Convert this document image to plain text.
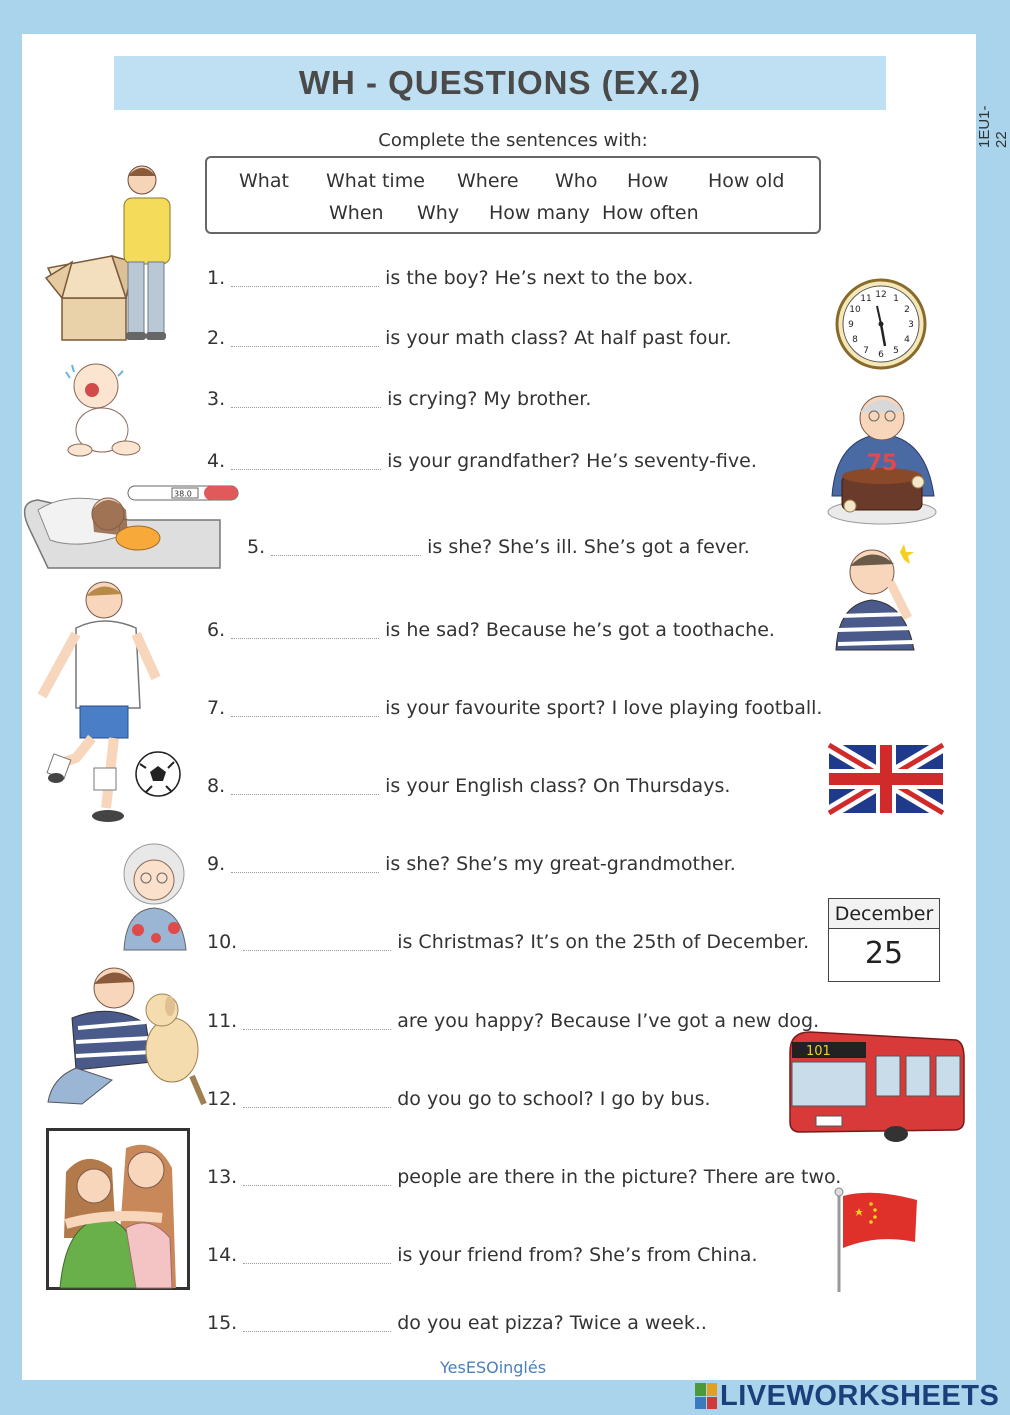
WH - QUESTIONS (EX.2)
1EU1-22
Complete the sentences with:
What What time Where Who How How old
When Why How many How often
1.	is the boy? He’s next to the box.
2.	is your math class? At half past four.
3.	is crying? My brother.
4.	is your grandfather? He’s seventy-five.
5.	is she? She’s ill. She’s got a fever.
6.	is he sad? Because he’s got a toothache.
7.	is your favourite sport? I love playing football.
8.	is your English class? On Thursdays.
9.	is she? She’s my great-grandmother.
10.	is Christmas? It’s on the 25th of December.
11.	are you happy? Because I’ve got a new dog.
12.	do you go to school? I go by bus.
13.	people are there in the picture? There are two.
14.	is your friend from? She’s from China.
15.	do you eat pizza? Twice a week..
38.0
12 1
2
3
4
5
6
7
8
9
10
11
75
December
25
101
YesESOinglés
LIVEWORKSHEETS
